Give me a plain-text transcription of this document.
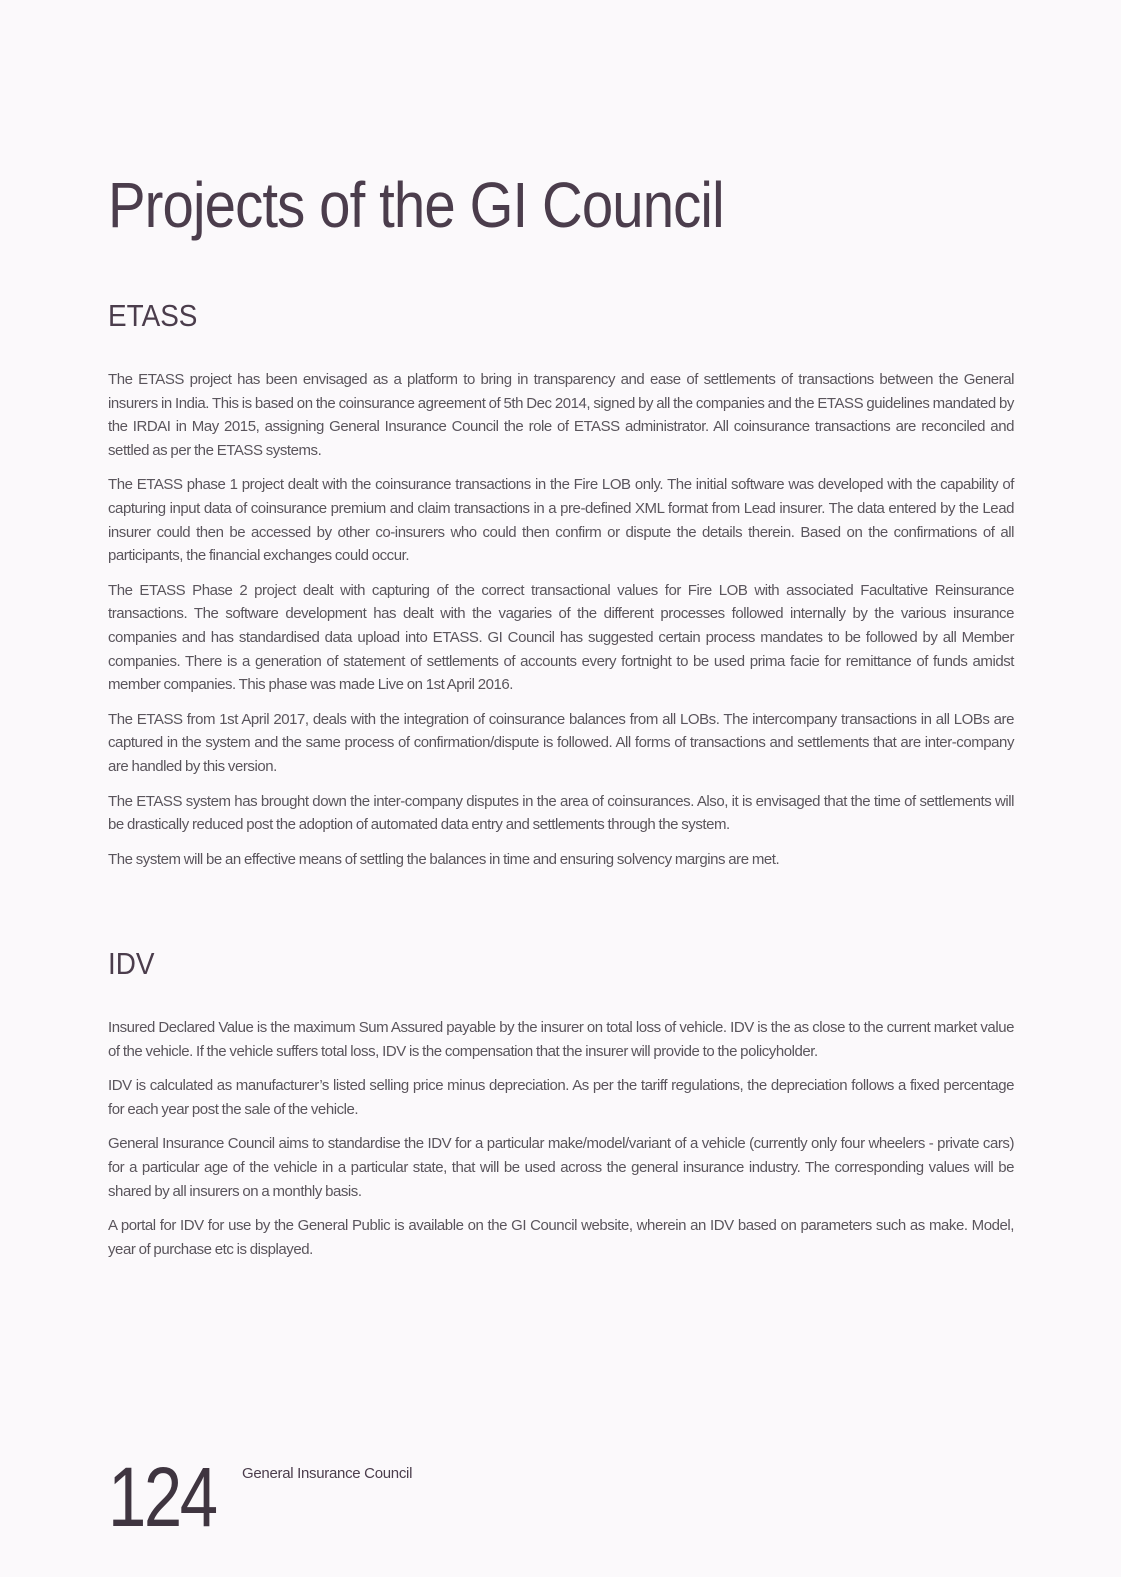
Projects of the GI Council
ETASS

The ETASS project has been envisaged as a platform to bring in transparency and ease of settlements of transactions between the General insurers in India. This is based on the coinsurance agreement of 5th Dec 2014, signed by all the companies and the ETASS guidelines mandated by the IRDAI in May 2015, assigning General Insurance Council the role of ETASS administrator. All coinsurance transactions are reconciled and settled as per the ETASS systems.

The ETASS phase 1 project dealt with the coinsurance transactions in the Fire LOB only. The initial software was developed with the capability of capturing input data of coinsurance premium and claim transactions in a pre-defined XML format from Lead insurer. The data entered by the Lead insurer could then be accessed by other co-insurers who could then confirm or dispute the details therein. Based on the confirmations of all participants, the financial exchanges could occur.

The ETASS Phase 2 project dealt with capturing of the correct transactional values for Fire LOB with associated Facultative Reinsurance transactions. The software development has dealt with the vagaries of the different processes followed internally by the various insurance companies and has standardised data upload into ETASS. GI Council has suggested certain process mandates to be followed by all Member companies. There is a generation of statement of settlements of accounts every fortnight to be used prima facie for remittance of funds amidst member companies. This phase was made Live on 1st April 2016.

The ETASS from 1st April 2017, deals with the integration of coinsurance balances from all LOBs. The intercompany transactions in all LOBs are captured in the system and the same process of confirmation/dispute is followed. All forms of transactions and settlements that are inter-company are handled by this version.

The ETASS system has brought down the inter-company disputes in the area of coinsurances. Also, it is envisaged that the time of settlements will be drastically reduced post the adoption of automated data entry and settlements through the system.

The system will be an effective means of settling the balances in time and ensuring solvency margins are met.

IDV

Insured Declared Value is the maximum Sum Assured payable by the insurer on total loss of vehicle. IDV is the as close to the current market value of the vehicle. If the vehicle suffers total loss, IDV is the compensation that the insurer will provide to the policyholder.

IDV is calculated as manufacturer’s listed selling price minus depreciation. As per the tariff regulations, the depreciation follows a fixed percentage for each year post the sale of the vehicle.

General Insurance Council aims to standardise the IDV for a particular make/model/variant of a vehicle (currently only four wheelers - private cars) for a particular age of the vehicle in a particular state, that will be used across the general insurance industry. The corresponding values will be shared by all insurers on a monthly basis.

A portal for IDV for use by the General Public is available on the GI Council website, wherein an IDV based on parameters such as make. Model, year of purchase etc is displayed.

124 General Insurance Council
